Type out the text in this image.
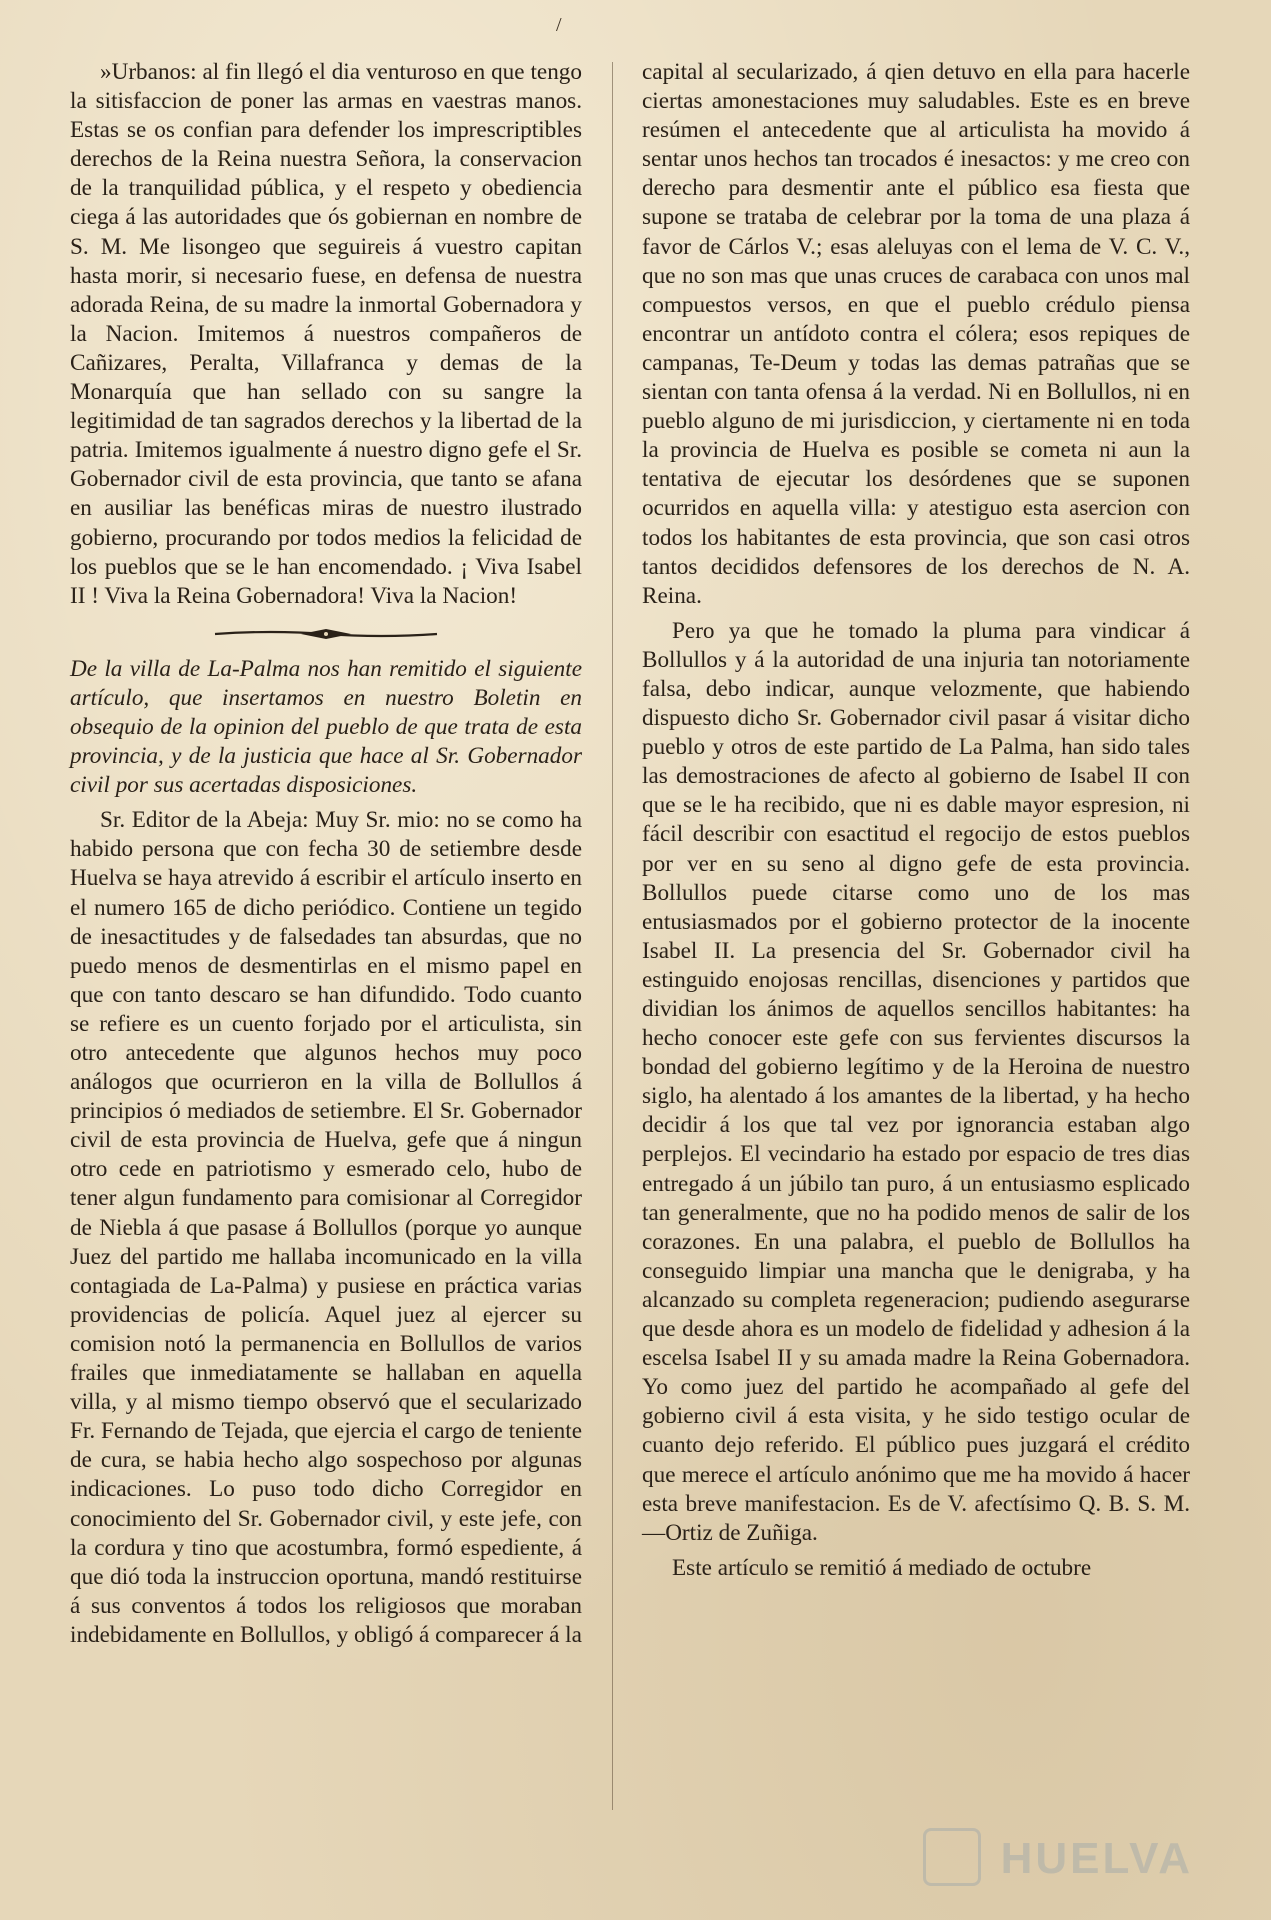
/

»Urbanos: al fin llegó el dia venturoso en que tengo la sitisfaccion de poner las armas en vaestras manos. Estas se os confian para defender los imprescriptibles derechos de la Reina nuestra Señora, la conservacion de la tranquilidad pública, y el respeto y obediencia ciega á las autoridades que ós gobiernan en nombre de S. M. Me lisongeo que seguireis á vuestro capitan hasta morir, si necesario fuese, en defensa de nuestra adorada Reina, de su madre la inmortal Gobernadora y la Nacion. Imitemos á nuestros compañeros de Cañizares, Peralta, Villafranca y demas de la Monarquía que han sellado con su sangre la legitimidad de tan sagrados derechos y la libertad de la patria. Imitemos igualmente á nuestro digno gefe el Sr. Gobernador civil de esta provincia, que tanto se afana en ausiliar las benéficas miras de nuestro ilustrado gobierno, procurando por todos medios la felicidad de los pueblos que se le han encomendado. ¡ Viva Isabel II ! Viva la Reina Gobernadora! Viva la Nacion!

De la villa de La-Palma nos han remitido el siguiente artículo, que insertamos en nuestro Boletin en obsequio de la opinion del pueblo de que trata de esta provincia, y de la justicia que hace al Sr. Gobernador civil por sus acertadas disposiciones.

Sr. Editor de la Abeja: Muy Sr. mio: no se como ha habido persona que con fecha 30 de setiembre desde Huelva se haya atrevido á escribir el artículo inserto en el numero 165 de dicho periódico. Contiene un tegido de inesactitudes y de falsedades tan absurdas, que no puedo menos de desmentirlas en el mismo papel en que con tanto descaro se han difundido. Todo cuanto se refiere es un cuento forjado por el articulista, sin otro antecedente que algunos hechos muy poco análogos que ocurrieron en la villa de Bollullos á principios ó mediados de setiembre. El Sr. Gobernador civil de esta provincia de Huelva, gefe que á ningun otro cede en patriotismo y esmerado celo, hubo de tener algun fundamento para comisionar al Corregidor de Niebla á que pasase á Bollullos (porque yo aunque Juez del partido me hallaba incomunicado en la villa contagiada de La-Palma) y pusiese en práctica varias providencias de policía. Aquel juez al ejercer su comision notó la permanencia en Bollullos de varios frailes que inmediatamente se hallaban en aquella villa, y al mismo tiempo observó que el secularizado Fr. Fernando de Tejada, que ejercia el cargo de teniente de cura, se habia hecho algo sospechoso por algunas indicaciones. Lo puso todo dicho Corregidor en conocimiento del Sr. Gobernador civil, y este jefe, con la cordura y tino que acostumbra, formó espediente, á que dió toda la instruccion oportuna, mandó restituirse á sus conventos á todos los religiosos que moraban indebidamente en Bollullos, y obligó á comparecer á la

capital al secularizado, á qien detuvo en ella para hacerle ciertas amonestaciones muy saludables. Este es en breve resúmen el antecedente que al articulista ha movido á sentar unos hechos tan trocados é inesactos: y me creo con derecho para desmentir ante el público esa fiesta que supone se trataba de celebrar por la toma de una plaza á favor de Cárlos V.; esas aleluyas con el lema de V. C. V., que no son mas que unas cruces de carabaca con unos mal compuestos versos, en que el pueblo crédulo piensa encontrar un antídoto contra el cólera; esos repiques de campanas, Te-Deum y todas las demas patrañas que se sientan con tanta ofensa á la verdad. Ni en Bollullos, ni en pueblo alguno de mi jurisdiccion, y ciertamente ni en toda la provincia de Huelva es posible se cometa ni aun la tentativa de ejecutar los desórdenes que se suponen ocurridos en aquella villa: y atestiguo esta asercion con todos los habitantes de esta provincia, que son casi otros tantos decididos defensores de los derechos de N. A. Reina.

Pero ya que he tomado la pluma para vindicar á Bollullos y á la autoridad de una injuria tan notoriamente falsa, debo indicar, aunque velozmente, que habiendo dispuesto dicho Sr. Gobernador civil pasar á visitar dicho pueblo y otros de este partido de La Palma, han sido tales las demostraciones de afecto al gobierno de Isabel II con que se le ha recibido, que ni es dable mayor espresion, ni fácil describir con esactitud el regocijo de estos pueblos por ver en su seno al digno gefe de esta provincia. Bollullos puede citarse como uno de los mas entusiasmados por el gobierno protector de la inocente Isabel II. La presencia del Sr. Gobernador civil ha estinguido enojosas rencillas, disenciones y partidos que dividian los ánimos de aquellos sencillos habitantes: ha hecho conocer este gefe con sus fervientes discursos la bondad del gobierno legítimo y de la Heroina de nuestro siglo, ha alentado á los amantes de la libertad, y ha hecho decidir á los que tal vez por ignorancia estaban algo perplejos. El vecindario ha estado por espacio de tres dias entregado á un júbilo tan puro, á un entusiasmo esplicado tan generalmente, que no ha podido menos de salir de los corazones. En una palabra, el pueblo de Bollullos ha conseguido limpiar una mancha que le denigraba, y ha alcanzado su completa regeneracion; pudiendo asegurarse que desde ahora es un modelo de fidelidad y adhesion á la escelsa Isabel II y su amada madre la Reina Gobernadora. Yo como juez del partido he acompañado al gefe del gobierno civil á esta visita, y he sido testigo ocular de cuanto dejo referido. El público pues juzgará el crédito que merece el artículo anónimo que me ha movido á hacer esta breve manifestacion. Es de V. afectísimo Q. B. S. M.—Ortiz de Zuñiga.

Este artículo se remitió á mediado de octubre

HUELVA
